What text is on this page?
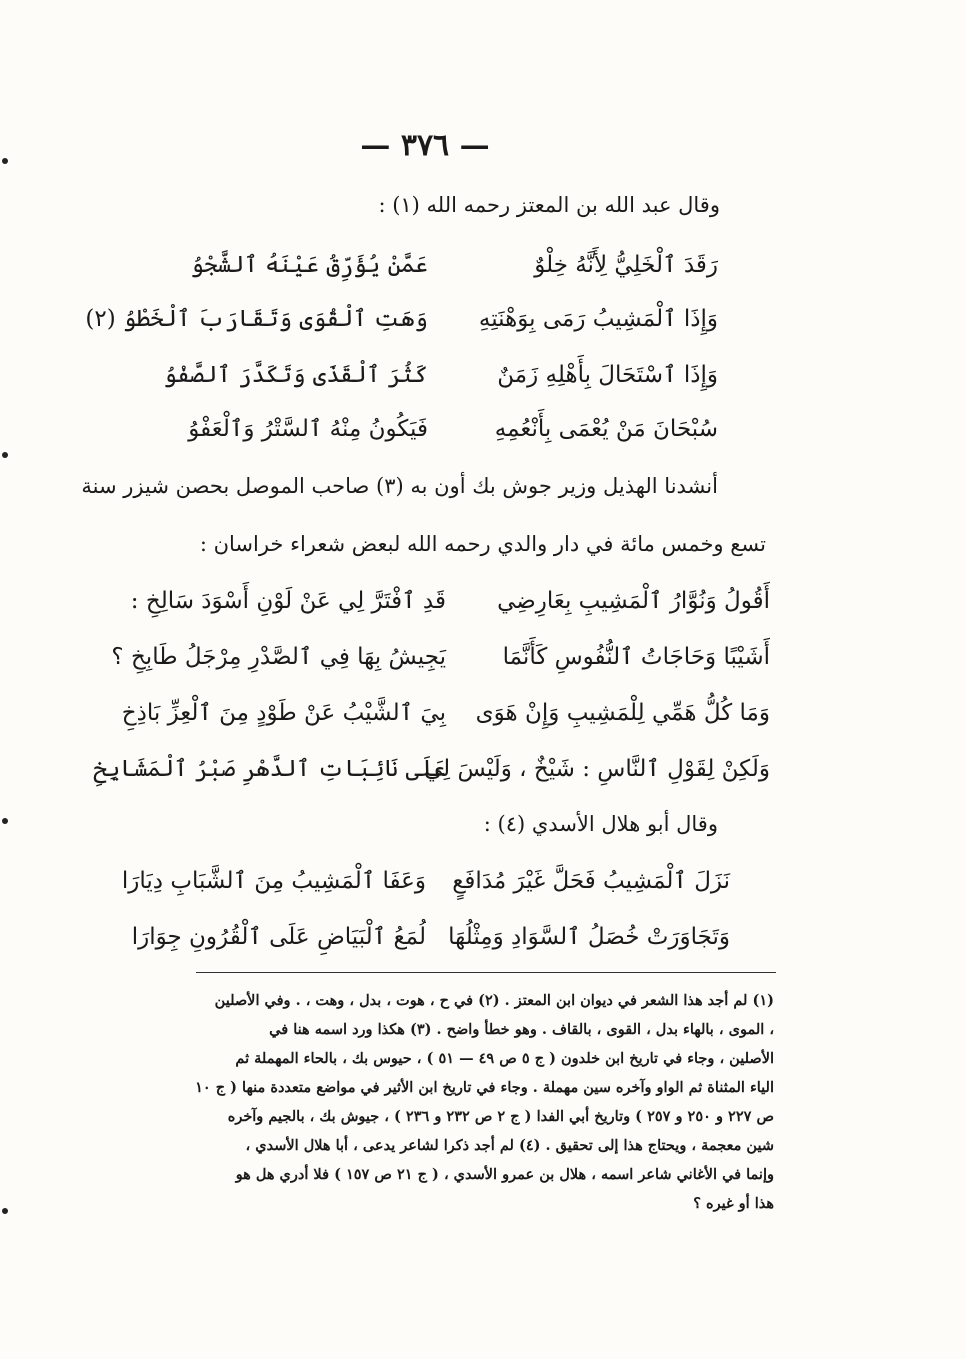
— ٣٧٦ —
وقال عبد الله بن المعتز رحمه الله (١) :
رَقَدَ ٱلْخَلِيُّ لِأَنَّهُ خِلْوٌ
عَمَّنْ يُؤَرِّقُ عَيْنَهُ ٱلشَّجْوُ
وَإِذَا ٱلْمَشِيبُ رَمَى بِوَهْنَتِهِ
وَهَتِ ٱلْقُوَى وَتَقَارَبَ ٱلْخَطْوُ (٢)
وَإِذَا ٱسْتَحَالَ بِأَهْلِهِ زَمَنٌ
كَثُرَ ٱلْقَذَى وَتَكَدَّرَ ٱلصَّفْوُ
سُبْحَانَ مَنْ يُعْمَى بِأَنْعُمِهِ
فَيَكُونُ مِنْهُ ٱلسَّتْرُ وَٱلْعَفْوُ
أنشدنا الهذيل وزير جوش بك أون به (٣) صاحب الموصل بحصن شيزر سنة
تسع وخمس مائة في دار والدي رحمه الله لبعض شعراء خراسان :
أَقُولُ وَنُوَّارُ ٱلْمَشِيبِ بِعَارِضِي
قَدِ ٱفْتَرَّ لِي عَنْ لَوْنِ أَسْوَدَ سَالِخِ :
أَشَيْبًا وَحَاجَاتُ ٱلنُّفُوسِ كَأَنَّمَا
يَجِيشُ بِهَا فِي ٱلصَّدْرِ مِرْجَلُ طَابِخِ ؟
وَمَا كُلُّ هَمِّي لِلْمَشِيبِ وَإِنْ هَوَى
بِيَ ٱلشَّيْبُ عَنْ طَوْدٍ مِنَ ٱلْعِزِّ بَاذِخِ
وَلَكِنْ لِقَوْلِ ٱلنَّاسِ : شَيْخٌ ، وَلَيْسَ لِي
عَلَى نَائِبَاتِ ٱلدَّهْرِ صَبْرُ ٱلْمَشَايِخِ
وقال أبو هلال الأسدي (٤) :
نَزَلَ ٱلْمَشِيبُ فَحَلَّ غَيْرَ مُدَافَعٍ
وَعَفَا ٱلْمَشِيبُ مِنَ ٱلشَّبَابِ دِيَارَا
وَتَجَاوَرَتْ خُصَلُ ٱلسَّوَادِ وَمِثْلُهَا
لُمَعُ ٱلْبَيَاضِ عَلَى ٱلْقُرُونِ جِوَارَا
(١) لم أجد هذا الشعر في ديوان ابن المعتز . (٢) في ح ، هوت ، بدل ، وهت ، . وفي الأصلين
، الموى ، بالهاء بدل ، القوى ، بالقاف . وهو خطأ واضح . (٣) هكذا ورد اسمه هنا في
الأصلين ، وجاء في تاريخ ابن خلدون ( ج ٥ ص ٤٩ — ٥١ ) ، حيوس بك ، بالحاء المهملة ثم
الياء المثناة ثم الواو وآخره سين مهملة . وجاء في تاريخ ابن الأثير في مواضع متعددة منها ( ج ١٠
ص ٢٢٧ و ٢٥٠ و ٢٥٧ ) وتاريخ أبي الفدا ( ج ٢ ص ٢٣٢ و ٢٣٦ ) ، جيوش بك ، بالجيم وآخره
شين معجمة ، ويحتاج هذا إلى تحقيق . (٤) لم أجد ذكرا لشاعر يدعى ، أبا هلال الأسدي ،
وإنما في الأغاني شاعر اسمه ، هلال بن عمرو الأسدي ، ( ج ٢١ ص ١٥٧ ) فلا أدري هل هو
هذا أو غيره ؟
